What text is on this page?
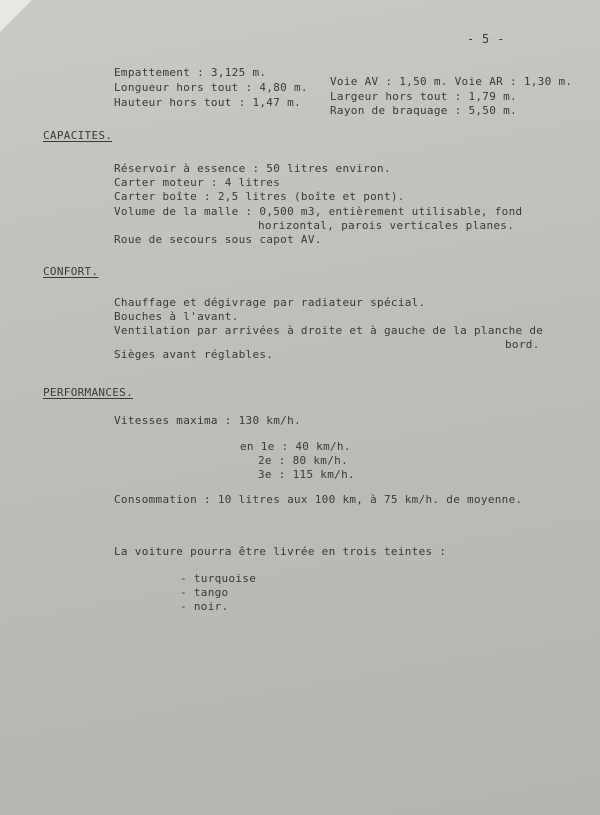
- 5 -
Empattement : 3,125 m.
Longueur hors tout : 4,80 m.
Hauteur hors tout : 1,47 m.
Voie AV : 1,50 m. Voie AR : 1,30 m.
Largeur hors tout : 1,79 m.
Rayon de braquage : 5,50 m.
CAPACITES.
Réservoir à essence : 50 litres environ.
Carter moteur : 4 litres
Carter boîte : 2,5 litres (boîte et pont).
Volume de la malle : 0,500 m3, entièrement utilisable, fond
horizontal, parois verticales planes.
Roue de secours sous capot AV.
CONFORT.
Chauffage et dégivrage par radiateur spécial.
Bouches à l'avant.
Ventilation par arrivées à droite et à gauche de la planche de
bord.
Sièges avant réglables.
PERFORMANCES.
Vitesses maxima : 130 km/h.
en 1e : 40 km/h.
2e : 80 km/h.
3e : 115 km/h.
Consommation : 10 litres aux 100 km, à 75 km/h. de moyenne.
La voiture pourra être livrée en trois teintes :
- turquoise
- tango
- noir.
